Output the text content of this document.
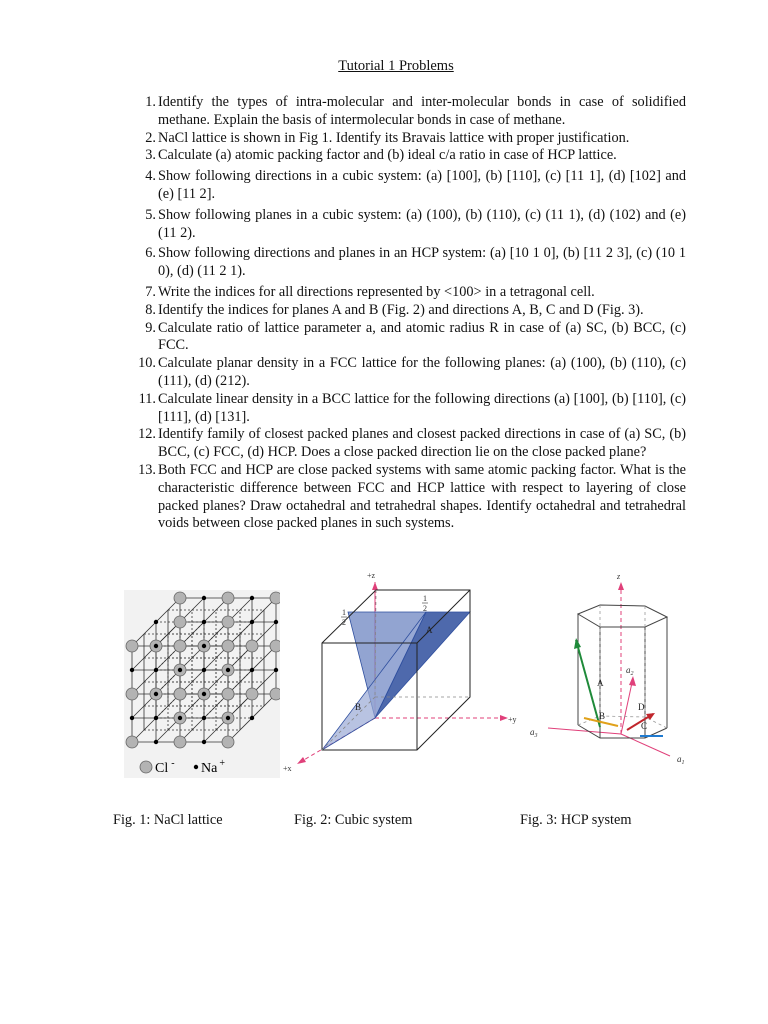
Tutorial 1 Problems
1. Identify the types of intra-molecular and inter-molecular bonds in case of solidified methane. Explain the basis of intermolecular bonds in case of methane.
2. NaCl lattice is shown in Fig 1. Identify its Bravais lattice with proper justification.
3. Calculate (a) atomic packing factor and (b) ideal c/a ratio in case of HCP lattice.
4. Show following directions in a cubic system: (a) [100], (b) [110], (c) [11 1], (d) [102] and (e) [11 2].
5. Show following planes in a cubic system: (a) (100), (b) (110), (c) (11 1), (d) (102) and (e) (11 2).
6. Show following directions and planes in an HCP system: (a) [10 1 0], (b) [11 2 3], (c) (10 1 0), (d) (11 2 1).
7. Write the indices for all directions represented by <100> in a tetragonal cell.
8. Identify the indices for planes A and B (Fig. 2) and directions A, B, C and D (Fig. 3).
9. Calculate ratio of lattice parameter a, and atomic radius R in case of (a) SC, (b) BCC, (c) FCC.
10. Calculate planar density in a FCC lattice for the following planes: (a) (100), (b) (110), (c) (111), (d) (212).
11. Calculate linear density in a BCC lattice for the following directions (a) [100], (b) [110], (c) [111], (d) [131].
12. Identify family of closest packed planes and closest packed directions in case of (a) SC, (b) BCC, (c) FCC, (d) HCP. Does a close packed direction lie on the close packed plane?
13. Both FCC and HCP are close packed systems with same atomic packing factor. What is the characteristic difference between FCC and HCP lattice with respect to layering of close packed planes? Draw octahedral and tetrahedral shapes. Identify octahedral and tetrahedral voids between close packed planes in such systems.
Cl - Na +
+z
+y
+x
1
2
1
2
A
B
A
B
C
D
z
$a_2$
$a_3$
$a_1$
Fig. 1: NaCl lattice	Fig. 2: Cubic system	Fig. 3: HCP system
